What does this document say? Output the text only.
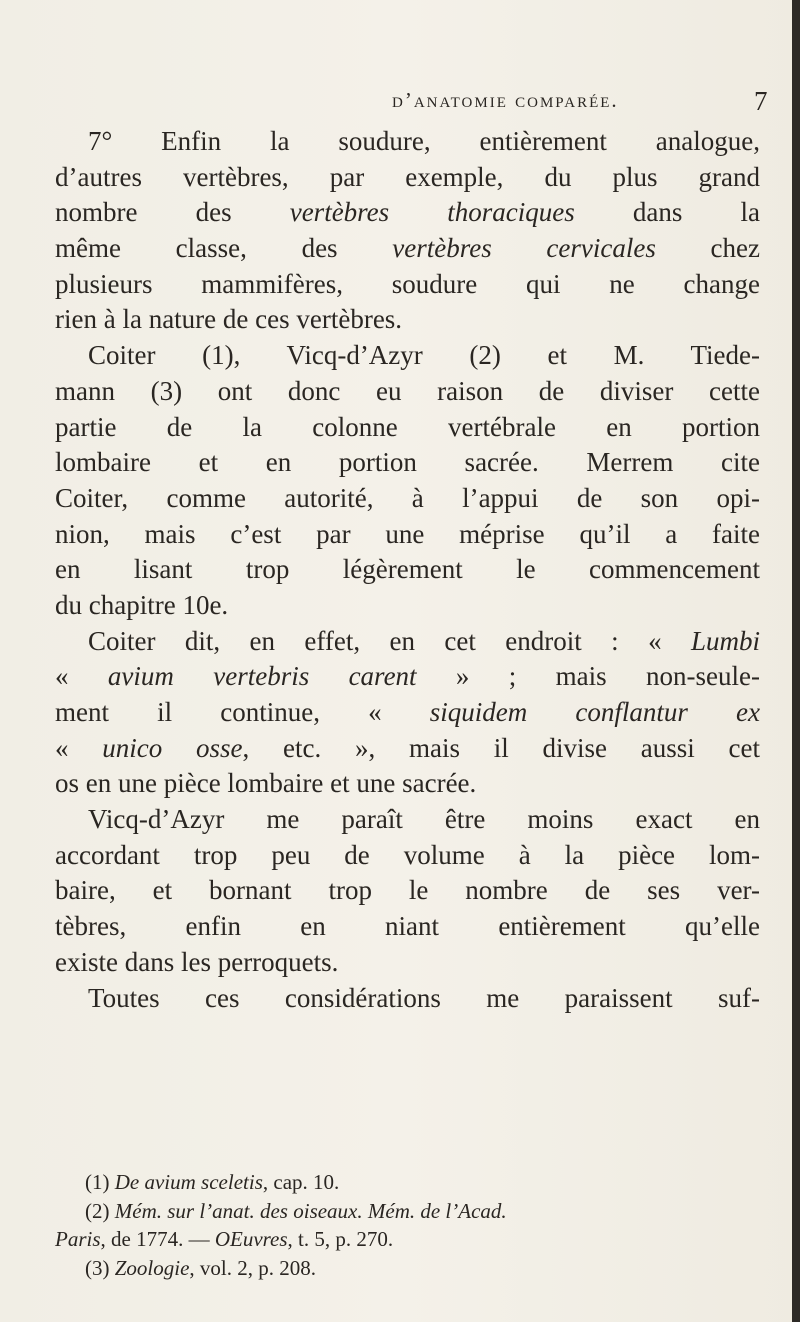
d’anatomie comparée.	7
7° Enfin la soudure, entièrement analogue,
d’autres vertèbres, par exemple, du plus grand
nombre des vertèbres thoraciques dans la
même classe, des vertèbres cervicales chez
plusieurs mammifères, soudure qui ne change
rien à la nature de ces vertèbres.
Coiter (1), Vicq-d’Azyr (2) et M. Tiede-
mann (3) ont donc eu raison de diviser cette
partie de la colonne vertébrale en portion
lombaire et en portion sacrée. Merrem cite
Coiter, comme autorité, à l’appui de son opi-
nion, mais c’est par une méprise qu’il a faite
en lisant trop légèrement le commencement
du chapitre 10e.
Coiter dit, en effet, en cet endroit : « Lumbi
« avium vertebris carent » ; mais non-seule-
ment il continue, « siquidem conflantur ex
« unico osse, etc. », mais il divise aussi cet
os en une pièce lombaire et une sacrée.
Vicq-d’Azyr me paraît être moins exact en
accordant trop peu de volume à la pièce lom-
baire, et bornant trop le nombre de ses ver-
tèbres, enfin en niant entièrement qu’elle
existe dans les perroquets.
Toutes ces considérations me paraissent suf-
(1) De avium sceletis, cap. 10.
(2) Mém. sur l’anat. des oiseaux. Mém. de l’Acad.
Paris, de 1774. — OEuvres, t. 5, p. 270.
(3) Zoologie, vol. 2, p. 208.
